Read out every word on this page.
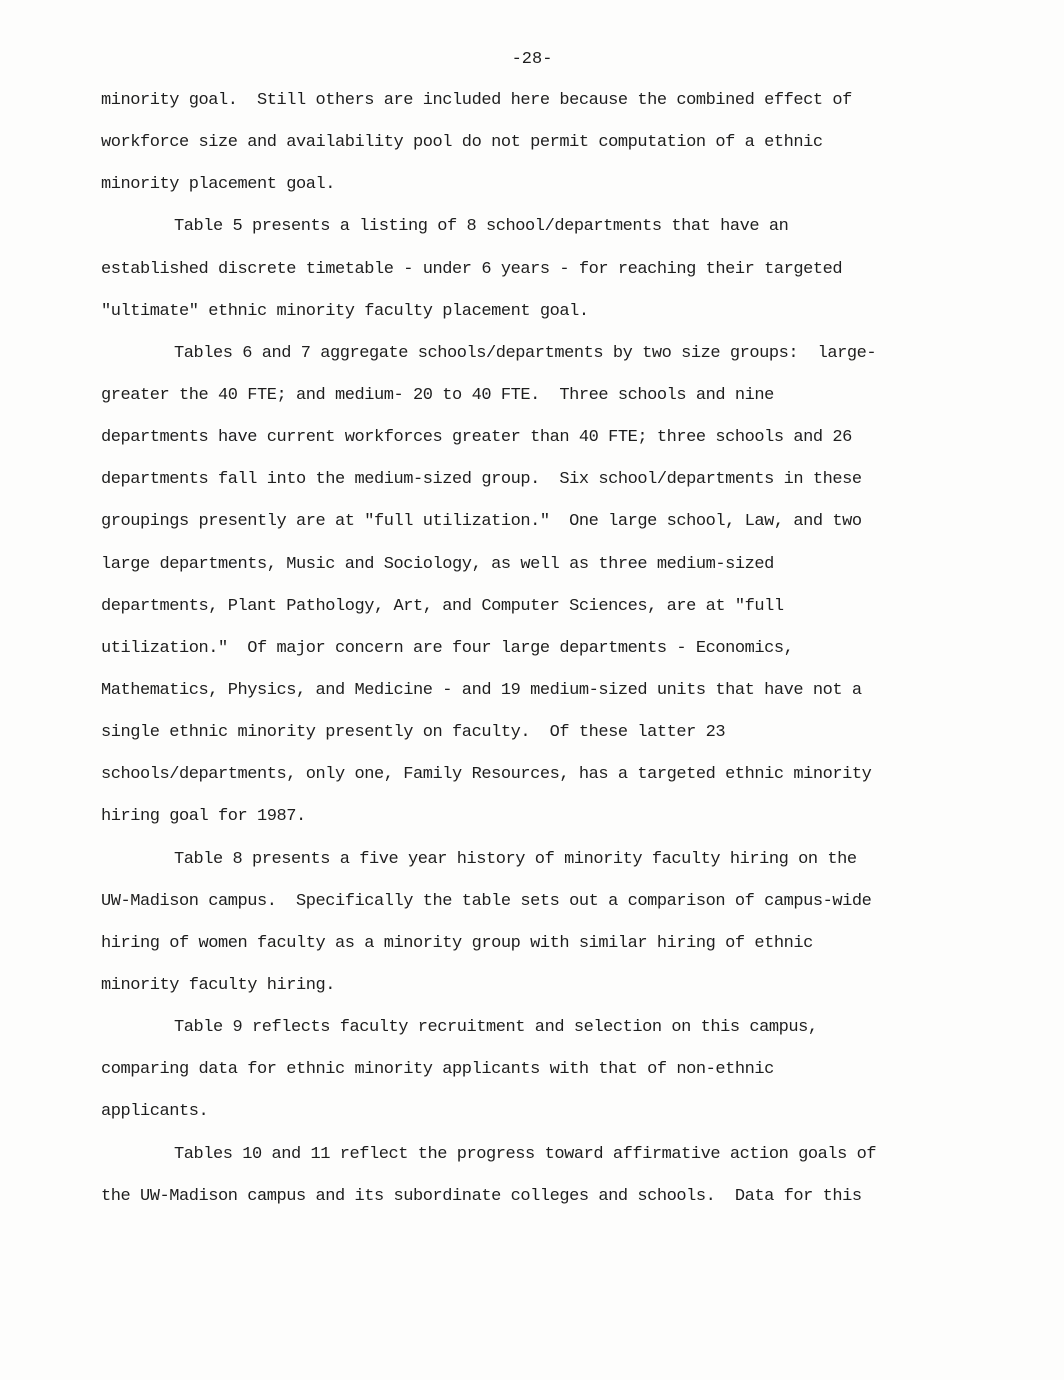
-28-
minority goal.  Still others are included here because the combined effect of
workforce size and availability pool do not permit computation of a ethnic
minority placement goal.
Table 5 presents a listing of 8 school/departments that have an
established discrete timetable - under 6 years - for reaching their targeted
"ultimate" ethnic minority faculty placement goal.
Tables 6 and 7 aggregate schools/departments by two size groups:  large-
greater the 40 FTE; and medium- 20 to 40 FTE.  Three schools and nine
departments have current workforces greater than 40 FTE; three schools and 26
departments fall into the medium-sized group.  Six school/departments in these
groupings presently are at "full utilization."  One large school, Law, and two
large departments, Music and Sociology, as well as three medium-sized
departments, Plant Pathology, Art, and Computer Sciences, are at "full
utilization."  Of major concern are four large departments - Economics,
Mathematics, Physics, and Medicine - and 19 medium-sized units that have not a
single ethnic minority presently on faculty.  Of these latter 23
schools/departments, only one, Family Resources, has a targeted ethnic minority
hiring goal for 1987.
Table 8 presents a five year history of minority faculty hiring on the
UW-Madison campus.  Specifically the table sets out a comparison of campus-wide
hiring of women faculty as a minority group with similar hiring of ethnic
minority faculty hiring.
Table 9 reflects faculty recruitment and selection on this campus,
comparing data for ethnic minority applicants with that of non-ethnic
applicants.
Tables 10 and 11 reflect the progress toward affirmative action goals of
the UW-Madison campus and its subordinate colleges and schools.  Data for this
